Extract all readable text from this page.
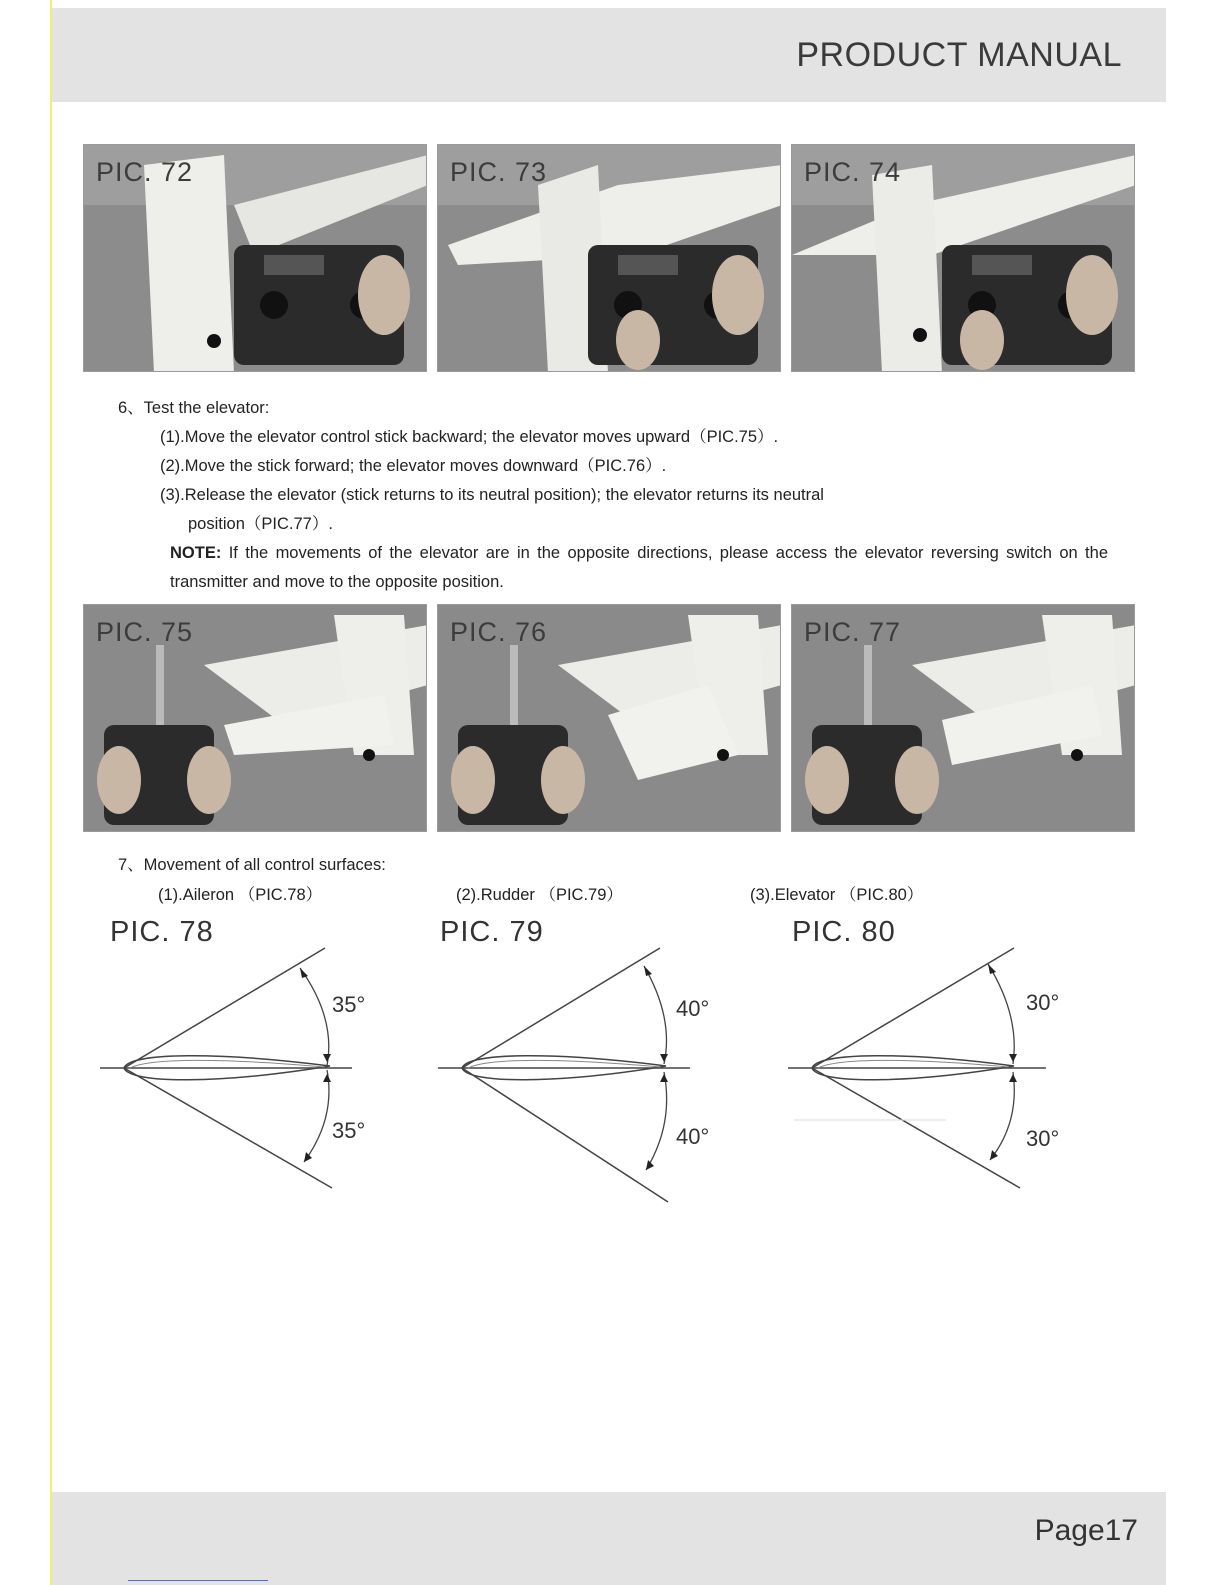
PRODUCT MANUAL
PIC. 72	PIC. 73	PIC. 74

6、Test the elevator:

(1).Move the elevator control stick backward; the elevator moves upward（PIC.75）.

(2).Move the stick forward; the elevator moves downward（PIC.76）.

(3).Release the elevator (stick returns to its neutral position); the elevator returns its neutral

position（PIC.77）.

NOTE: If the movements of the elevator are in the opposite directions, please access the elevator reversing switch on the transmitter and move to the opposite position.

PIC. 75	PIC. 76	PIC. 77

7、Movement of all control surfaces:

(1).Aileron （PIC.78）	(2).Rudder （PIC.79）	(3).Elevator （PIC.80）
PIC. 78	PIC. 79	PIC. 80
35°
35°
40°
40°
30°
30°
Page17
